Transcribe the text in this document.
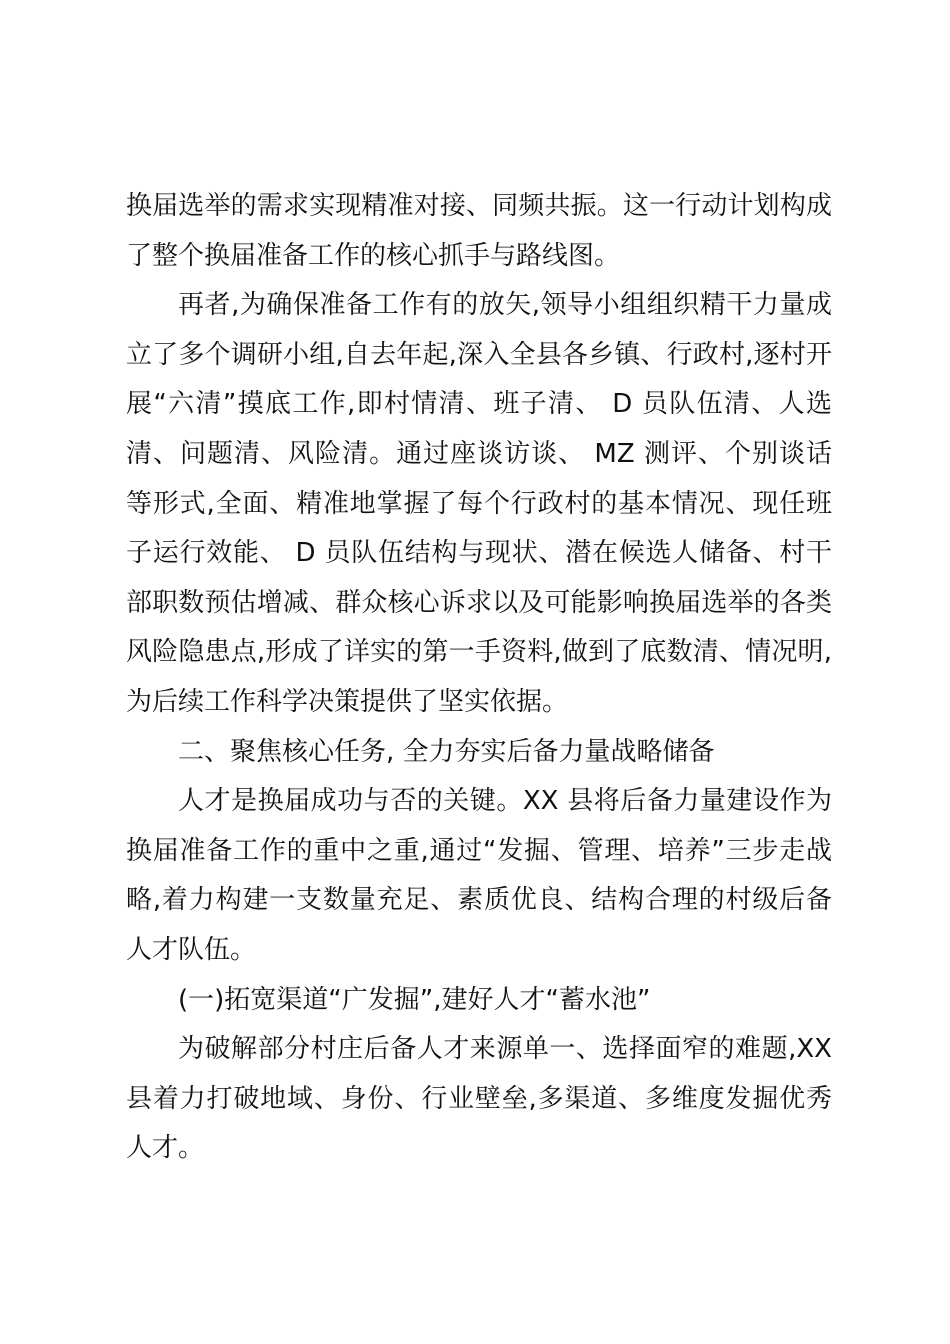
换届选举的需求实现精准对接、同频共振。这一行动计划构成了整个换届准备工作的核心抓手与路线图。

再者,为确保准备工作有的放矢,领导小组组织精干力量成立了多个调研小组,自去年起,深入全县各乡镇、行政村,逐村开展“六清”摸底工作,即村情清、班子清、 D 员队伍清、人选清、问题清、风险清。通过座谈访谈、 MZ 测评、个别谈话等形式,全面、精准地掌握了每个行政村的基本情况、现任班子运行效能、 D 员队伍结构与现状、潜在候选人储备、村干部职数预估增减、群众核心诉求以及可能影响换届选举的各类风险隐患点,形成了详实的第一手资料,做到了底数清、情况明,为后续工作科学决策提供了坚实依据。

二、聚焦核心任务, 全力夯实后备力量战略储备

人才是换届成功与否的关键。XX 县将后备力量建设作为换届准备工作的重中之重,通过“发掘、管理、培养”三步走战略,着力构建一支数量充足、素质优良、结构合理的村级后备人才队伍。

(一)拓宽渠道“广发掘”,建好人才“蓄水池”

为破解部分村庄后备人才来源单一、选择面窄的难题,XX 县着力打破地域、身份、行业壁垒,多渠道、多维度发掘优秀人才。
